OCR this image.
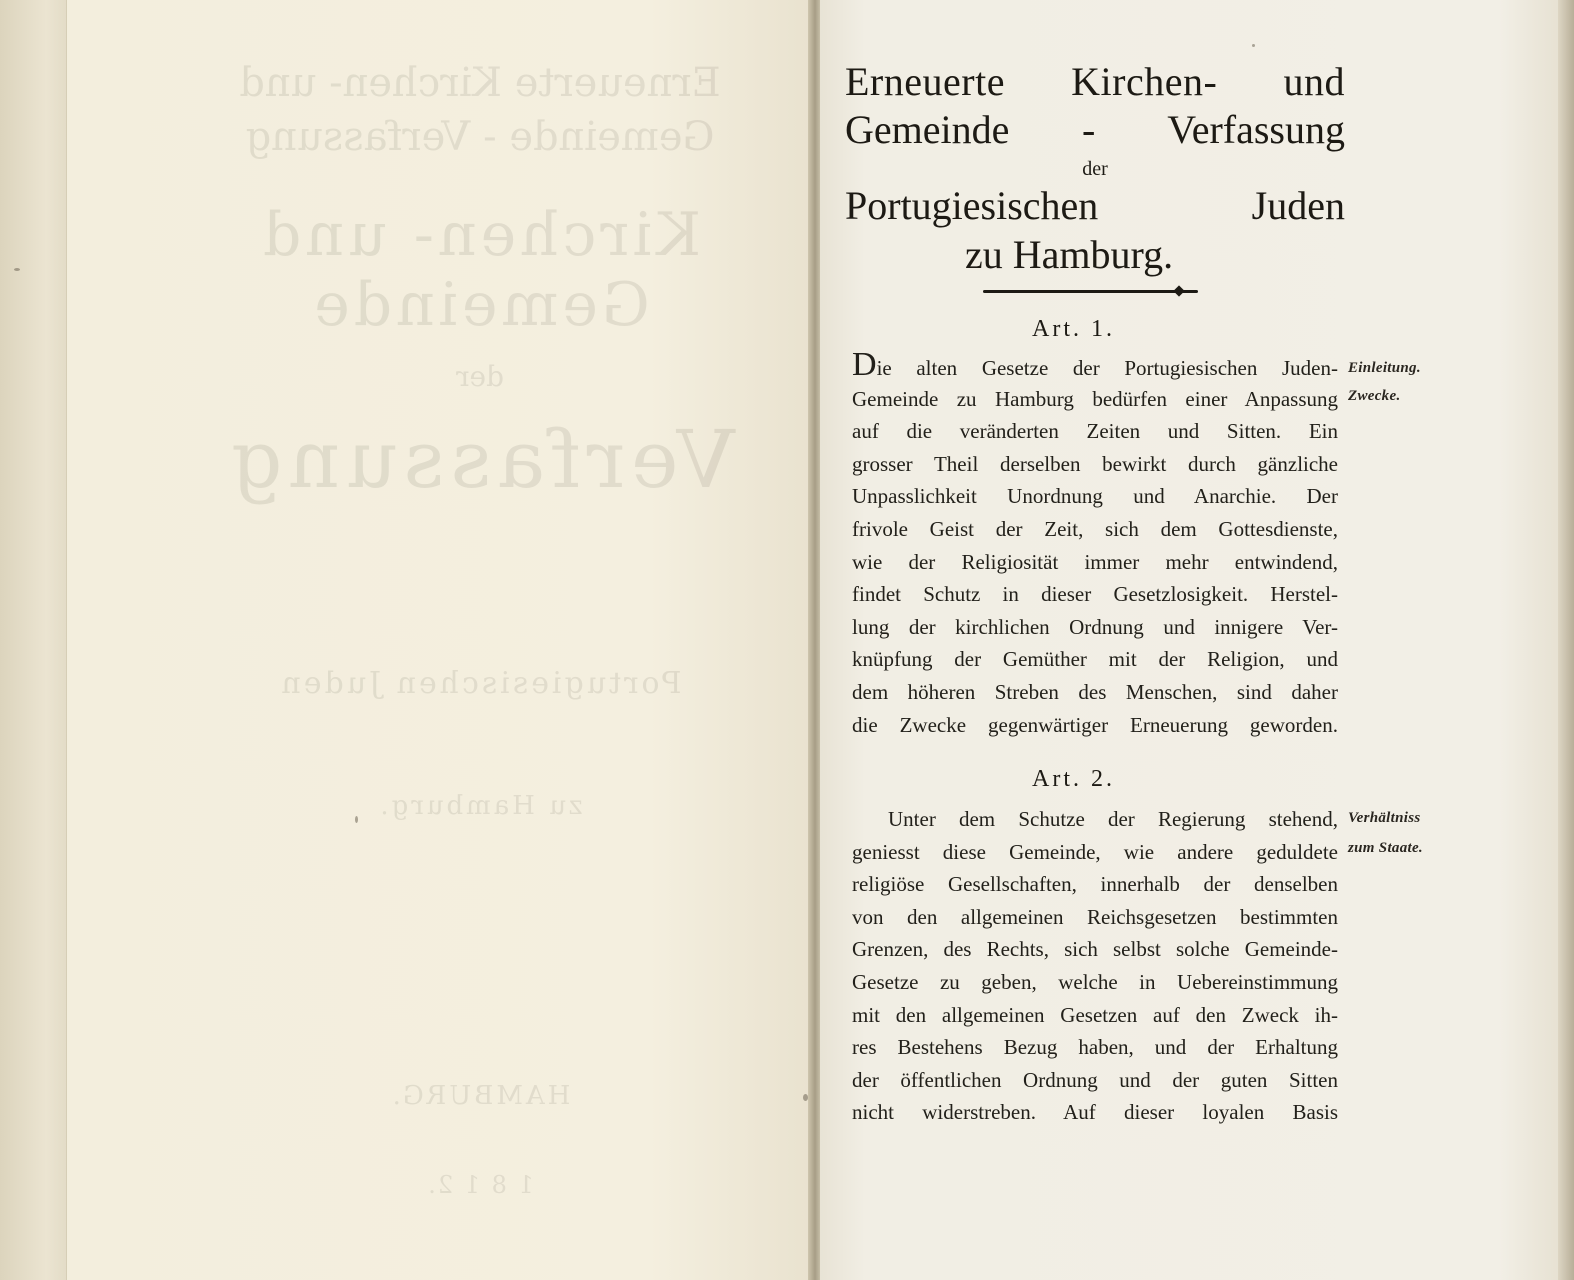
Erneuerte Kirchen- und
Gemeinde - Verfassung
Kirchen- und Gemeinde
der
Verfassung
Portugiesischen Juden
zu Hamburg.
HAMBURG.
1 8 1 2.
Erneuerte Kirchen- und
Gemeinde - Verfassung
der
Portugiesischen Juden
zu Hamburg.
Art. 1.
Die alten Gesetze der Portugiesischen Juden-
Gemeinde zu Hamburg bedürfen einer Anpassung
auf die veränderten Zeiten und Sitten. Ein
grosser Theil derselben bewirkt durch gänzliche
Unpasslichkeit Unordnung und Anarchie. Der
frivole Geist der Zeit, sich dem Gottesdienste,
wie der Religiosität immer mehr entwindend,
findet Schutz in dieser Gesetzlosigkeit. Herstel-
lung der kirchlichen Ordnung und innigere Ver-
knüpfung der Gemüther mit der Religion, und
dem höheren Streben des Menschen, sind daher
die Zwecke gegenwärtiger Erneuerung geworden.
Einleitung.
Zwecke.
Art. 2.
Unter dem Schutze der Regierung stehend,
geniesst diese Gemeinde, wie andere geduldete
religiöse Gesellschaften, innerhalb der denselben
von den allgemeinen Reichsgesetzen bestimmten
Grenzen, des Rechts, sich selbst solche Gemeinde-
Gesetze zu geben, welche in Uebereinstimmung
mit den allgemeinen Gesetzen auf den Zweck ih-
res Bestehens Bezug haben, und der Erhaltung
der öffentlichen Ordnung und der guten Sitten
nicht widerstreben. Auf dieser loyalen Basis
Verhältniss
zum Staate.
